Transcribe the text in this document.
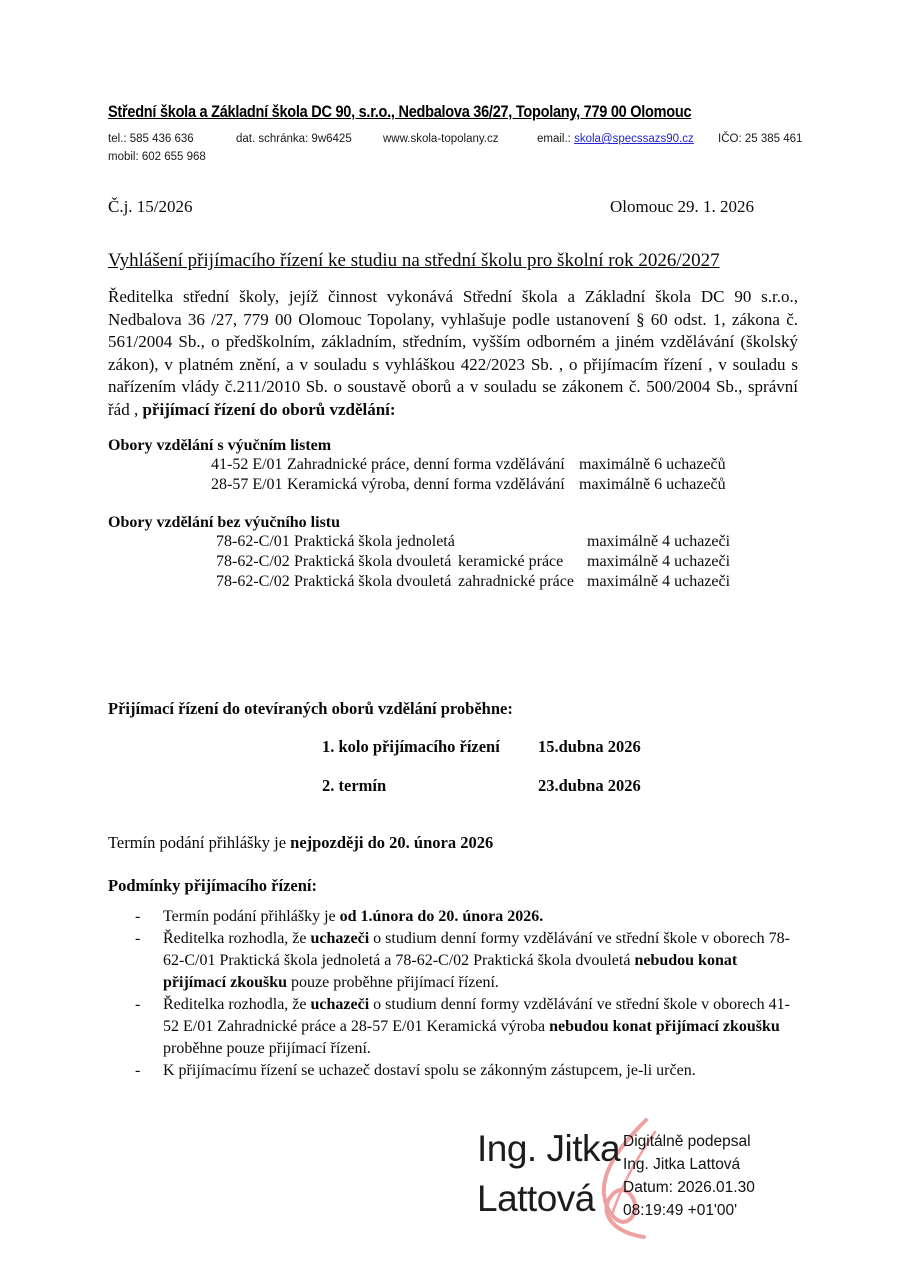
Střední škola a Základní škola DC 90, s.r.o., Nedbalova 36/27, Topolany, 779 00 Olomouc
tel.: 585 436 636	dat. schránka: 9w6425	www.skola-topolany.cz	email.: skola@specssazs90.cz IČO: 25 385 461
mobil: 602 655 968
Č.j. 15/2026	Olomouc 29. 1. 2026
Vyhlášení přijímacího řízení ke studiu na střední školu pro školní rok 2026/2027

Ředitelka střední školy, jejíž činnost vykonává Střední škola a Základní škola DC 90 s.r.o., Nedbalova 36 /27, 779 00 Olomouc Topolany, vyhlašuje podle ustanovení § 60 odst. 1, zákona č. 561/2004 Sb., o předškolním, základním, středním, vyšším odborném a jiném vzdělávání (školský zákon), v platném znění, a v souladu s vyhláškou 422/2023 Sb. , o přijímacím řízení , v souladu s nařízením vlády č.211/2010 Sb. o soustavě oborů a v souladu se zákonem č. 500/2004 Sb., správní řád , přijímací řízení do oborů vzdělání:

Obory vzdělání s výučním listem
41-52 E/01 Zahradnické práce, denní forma vzdělávání maximálně 6 uchazečů
28-57 E/01 Keramická výroba, denní forma vzdělávání maximálně 6 uchazečů
Obory vzdělání bez výučního listu
78-62-C/01 Praktická škola jednoletá	maximálně 4 uchazeči
78-62-C/02 Praktická škola dvouletá keramické práce maximálně 4 uchazeči
78-62-C/02 Praktická škola dvouletá zahradnické práce maximálně 4 uchazeči
Přijímací řízení do otevíraných oborů vzdělání proběhne:
1. kolo přijímacího řízení 15.dubna 2026
2. termín	23.dubna 2026
Termín podání přihlášky je nejpozději do 20. února 2026
Podmínky přijímacího řízení:
- Termín podání přihlášky je od 1.února do 20. února 2026.
- Ředitelka rozhodla, že uchazeči o studium denní formy vzdělávání ve střední škole v oborech 78-62-C/01 Praktická škola jednoletá a 78-62-C/02 Praktická škola dvouletá nebudou konat přijímací zkoušku pouze proběhne přijímací řízení.
- Ředitelka rozhodla, že uchazeči o studium denní formy vzdělávání ve střední škole v oborech 41-52 E/01 Zahradnické práce a 28-57 E/01 Keramická výroba nebudou konat přijímací zkoušku proběhne pouze přijímací řízení.
- K přijímacímu řízení se uchazeč dostaví spolu se zákonným zástupcem, je-li určen.
Ing. Jitka
Lattová
Digitálně podepsal
Ing. Jitka Lattová
Datum: 2026.01.30
08:19:49 +01'00'
